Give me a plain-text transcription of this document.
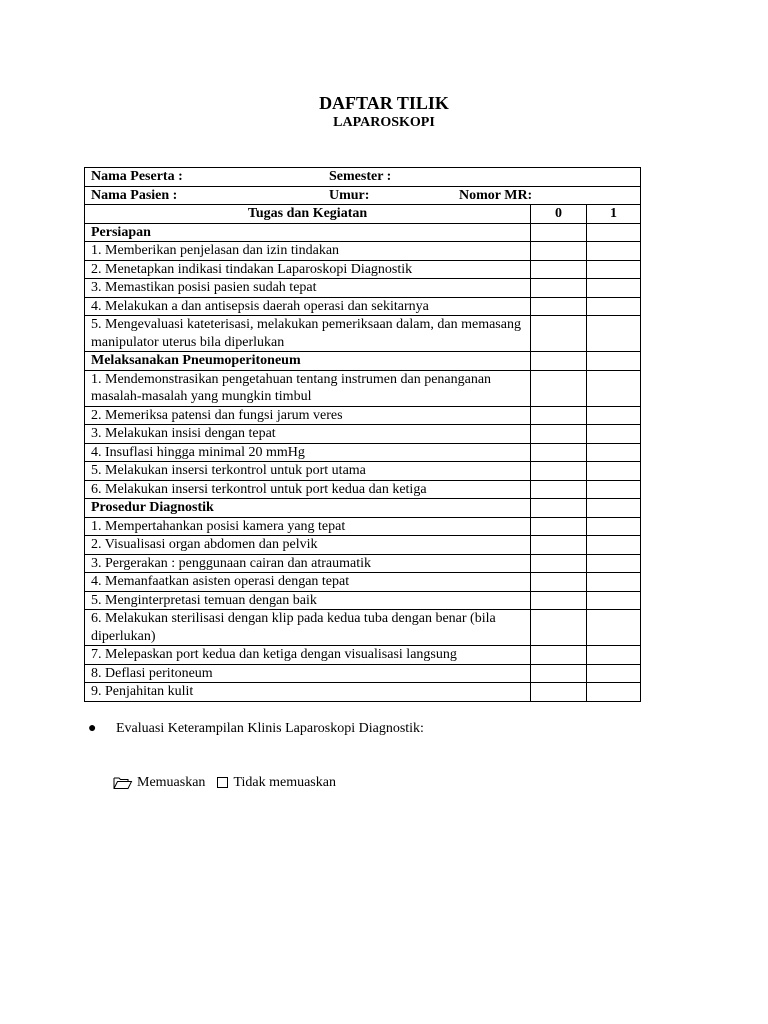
DAFTAR TILIK
LAPAROSKOPI
Nama Peserta : Semester :		
Nama Pasien : Umur: Nomor MR:		
Tugas dan Kegiatan	0	1
Persiapan		
1. Memberikan penjelasan dan izin tindakan		
2. Menetapkan indikasi tindakan Laparoskopi Diagnostik		
3. Memastikan posisi pasien sudah tepat		
4. Melakukan a dan antisepsis daerah operasi dan sekitarnya		
5. Mengevaluasi kateterisasi, melakukan pemeriksaan dalam, dan memasang manipulator uterus bila diperlukan		
Melaksanakan Pneumoperitoneum		
1. Mendemonstrasikan pengetahuan tentang instrumen dan penanganan masalah-masalah yang mungkin timbul		
2. Memeriksa patensi dan fungsi jarum veres		
3. Melakukan insisi dengan tepat		
4. Insuflasi hingga minimal 20 mmHg		
5. Melakukan insersi terkontrol untuk port utama		
6. Melakukan insersi terkontrol untuk port kedua dan ketiga		
Prosedur Diagnostik		
1. Mempertahankan posisi kamera yang tepat		
2. Visualisasi organ abdomen dan pelvik		
3. Pergerakan : penggunaan cairan dan atraumatik		
4. Memanfaatkan asisten operasi dengan tepat		
5. Menginterpretasi temuan dengan baik		
6. Melakukan sterilisasi dengan klip pada kedua tuba dengan benar (bila diperlukan)		
7. Melepaskan port kedua dan ketiga dengan visualisasi langsung		
8. Deflasi peritoneum		
9. Penjahitan kulit		
● Evaluasi Keterampilan Klinis Laparoskopi Diagnostik:
Memuaskan Tidak memuaskan
